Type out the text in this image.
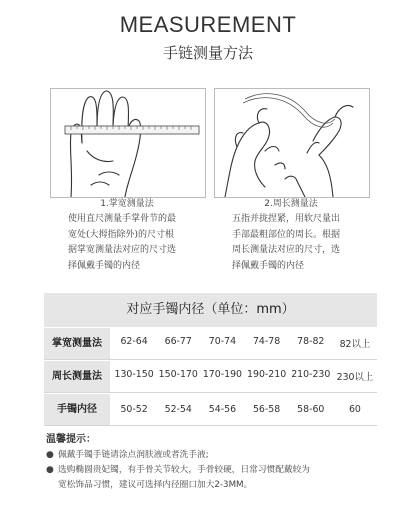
MEASUREMENT
手链测量方法
1.掌宽测量法	2.周长测量法
使用直尺测量手掌骨节的最
宽处(大拇指除外)的尺寸根
据掌宽测量法对应的尺寸选
择佩戴手镯的内径
五指并拢捏紧，用软尺量出
手部最粗部位的周长。根据
周长测量法对应的尺寸，选
择佩戴手镯的内径
对应手镯内径（单位：mm）
掌宽测量法	62-64	66-77	70-74	74-78	78-82	82以上
周长测量法	130-150 150-170 170-190 190-210 210-230 230以上
手镯内径	50-52	52-54	54-56	56-58	58-60	60
温馨提示：
● 佩戴手镯手链请涂点润肤液或者洗手液;
● 选购椭圆贵妃镯，有手骨关节较大，手骨较硬，日常习惯配戴较为
宽松饰品习惯，建议可选择内径圈口加大2-3MM。
